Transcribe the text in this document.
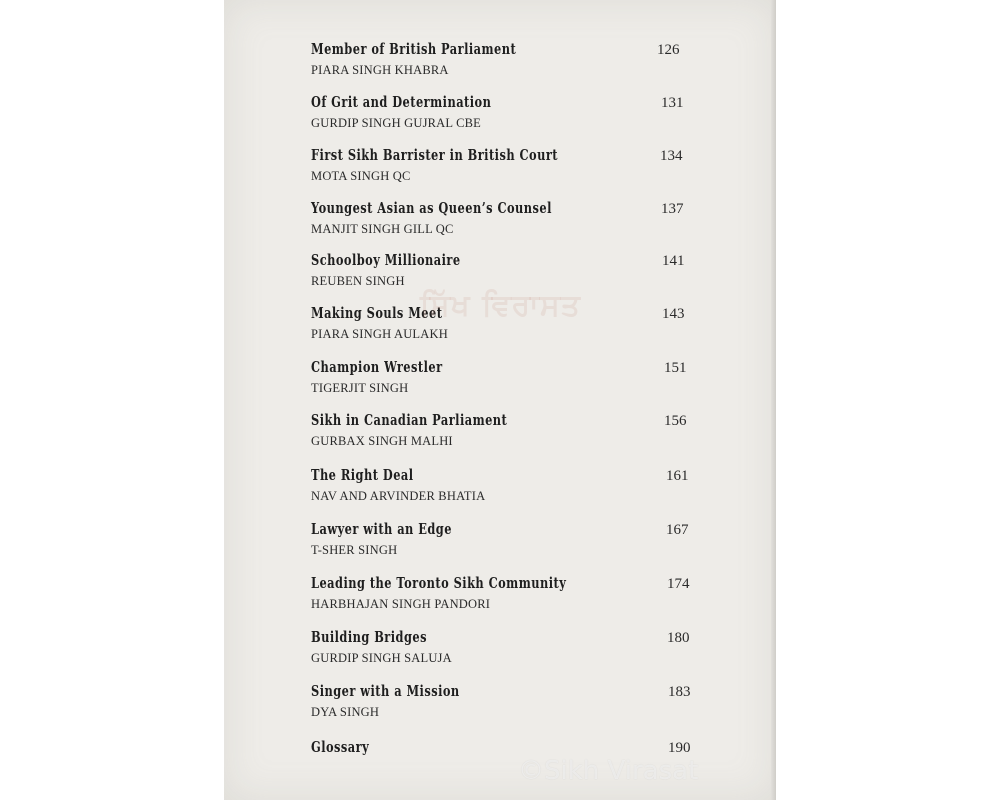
Member of British Parliament
PIARA SINGH KHABRA
126
Of Grit and Determination
GURDIP SINGH GUJRAL CBE
131
First Sikh Barrister in British Court
MOTA SINGH QC
134
Youngest Asian as Queen’s Counsel
MANJIT SINGH GILL QC
137
Schoolboy Millionaire
REUBEN SINGH
141
Making Souls Meet
PIARA SINGH AULAKH
143
Champion Wrestler
TIGERJIT SINGH
151
Sikh in Canadian Parliament
GURBAX SINGH MALHI
156
The Right Deal
NAV AND ARVINDER BHATIA
161
Lawyer with an Edge
T-SHER SINGH
167
Leading the Toronto Sikh Community
HARBHAJAN SINGH PANDORI
174
Building Bridges
GURDIP SINGH SALUJA
180
Singer with a Mission
DYA SINGH
183
Glossary	190
ਸਿੱਖ ਵਿਰਾਸਤ
©Sikh Virasat
